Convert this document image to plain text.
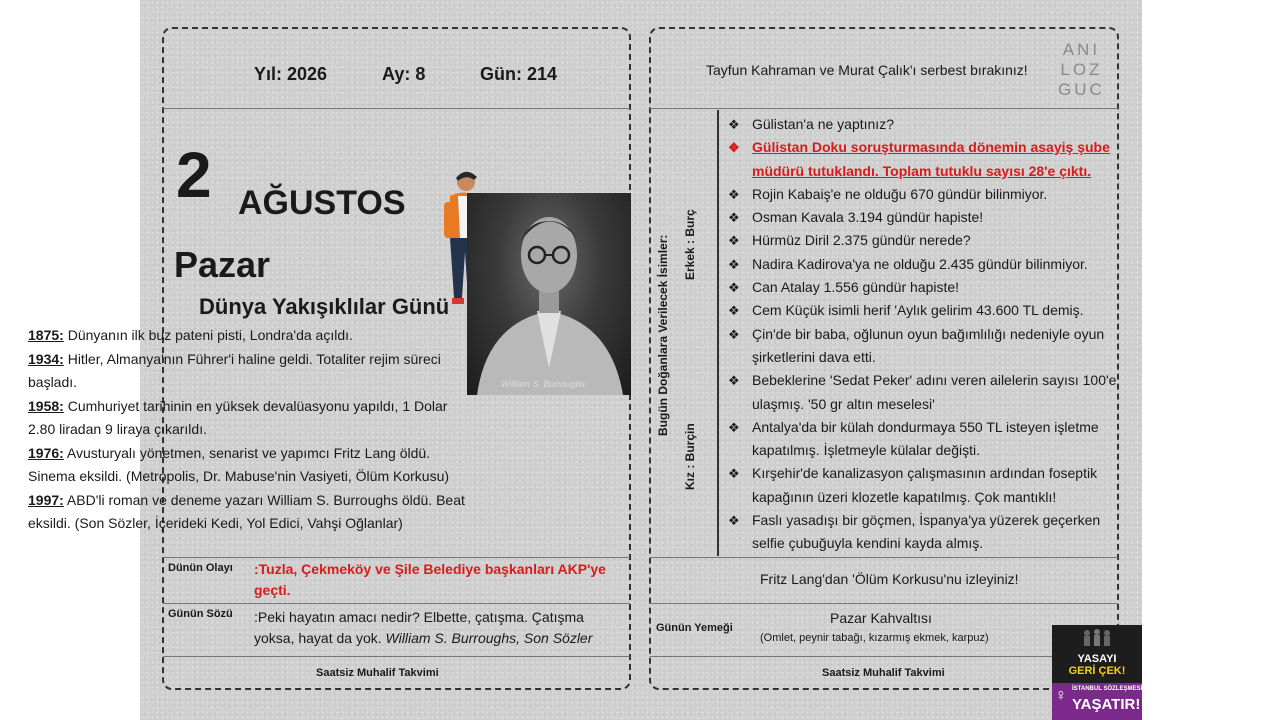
Yıl: 2026	Ay: 8	Gün: 214
2 AĞUSTOS
Pazar
Dünya Yakışıklılar Günü
William S. Burroughs
1875: Dünyanın ilk buz pateni pisti, Londra'da açıldı.
1934: Hitler, Almanya'nın Führer'i haline geldi. Totaliter rejim süreci başladı.
1958: Cumhuriyet tarihinin en yüksek devalüasyonu yapıldı, 1 Dolar 2.80 liradan 9 liraya çıkarıldı.
1976: Avusturyalı yönetmen, senarist ve yapımcı Fritz Lang öldü. Sinema eksildi. (Metropolis, Dr. Mabuse'nin Vasiyeti, Ölüm Korkusu)
1997: ABD'li roman ve deneme yazarı William S. Burroughs öldü. Beat eksildi. (Son Sözler, İçerideki Kedi, Yol Edici, Vahşi Oğlanlar)
Dünün Olayı :Tuzla, Çekmeköy ve Şile Belediye başkanları AKP'ye geçti.
Günün Sözü :Peki hayatın amacı nedir? Elbette, çatışma. Çatışma yoksa, hayat da yok. William S. Burroughs, Son Sözler
Saatsiz Muhalif Takvimi
Tayfun Kahraman ve Murat Çalık'ı serbest bırakınız!
ANI
LOZ
GUC
Bugün Doğanlara Verilecek İsimler: Erkek : Burç
Kız : Burçin
❖ Gülistan'a ne yaptınız?
❖ Gülistan Doku soruşturmasında dönemin asayiş şube müdürü tutuklandı. Toplam tutuklu sayısı 28'e çıktı.
❖ Rojin Kabaiş'e ne olduğu 670 gündür bilinmiyor.
❖ Osman Kavala 3.194 gündür hapiste!
❖ Hürmüz Diril 2.375 gündür nerede?
❖ Nadira Kadirova'ya ne olduğu 2.435 gündür bilinmiyor.
❖ Can Atalay 1.556 gündür hapiste!
❖ Cem Küçük isimli herif 'Aylık gelirim 43.600 TL demiş.
❖ Çin'de bir baba, oğlunun oyun bağımlılığı nedeniyle oyun şirketlerini dava etti.
❖ Bebeklerine 'Sedat Peker' adını veren ailelerin sayısı 100'e ulaşmış. '50 gr altın meselesi'
❖ Antalya'da bir külah dondurmaya 550 TL isteyen işletme kapatılmış. İşletmeyle külalar değişti.
❖ Kırşehir'de kanalizasyon çalışmasının ardından foseptik kapağının üzeri klozetle kapatılmış. Çok mantıklı!
❖ Faslı yasadışı bir göçmen, İspanya'ya yüzerek geçerken selfie çubuğuyla kendini kayda almış.
Fritz Lang'dan 'Ölüm Korkusu'nu izleyiniz!
Günün Yemeği
Pazar Kahvaltısı
(Omlet, peynir tabağı, kızarmış ekmek, karpuz)
Saatsiz Muhalif Takvimi
YASAYI
GERİ ÇEK!
♀ İSTANBUL SÖZLEŞMESİ
YAŞATIR!
